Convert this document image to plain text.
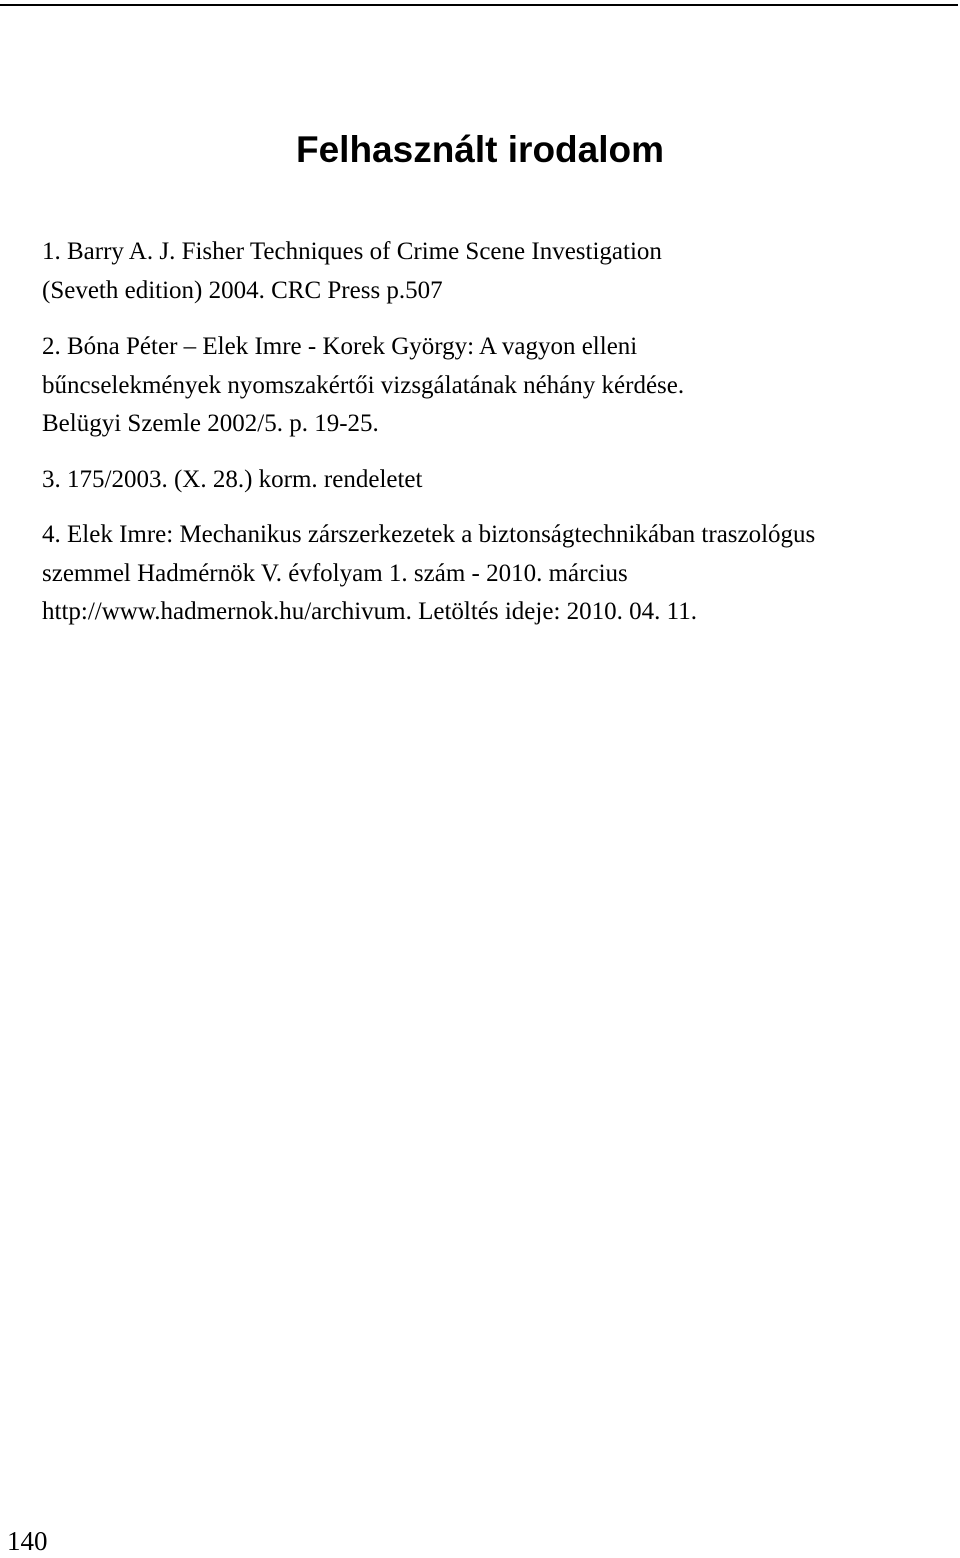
Felhasznált irodalom
1. Barry A. J. Fisher Techniques of Crime Scene Investigation
(Seveth edition) 2004. CRC Press p.507
2. Bóna Péter – Elek Imre - Korek György: A vagyon elleni
bűncselekmények nyomszakértői vizsgálatának néhány kérdése.
Belügyi Szemle 2002/5. p. 19-25.
3. 175/2003. (X. 28.) korm. rendeletet
4. Elek Imre: Mechanikus zárszerkezetek a biztonságtechnikában traszológus
szemmel Hadmérnök V. évfolyam 1. szám - 2010. március
http://www.hadmernok.hu/archivum. Letöltés ideje: 2010. 04. 11.
140
